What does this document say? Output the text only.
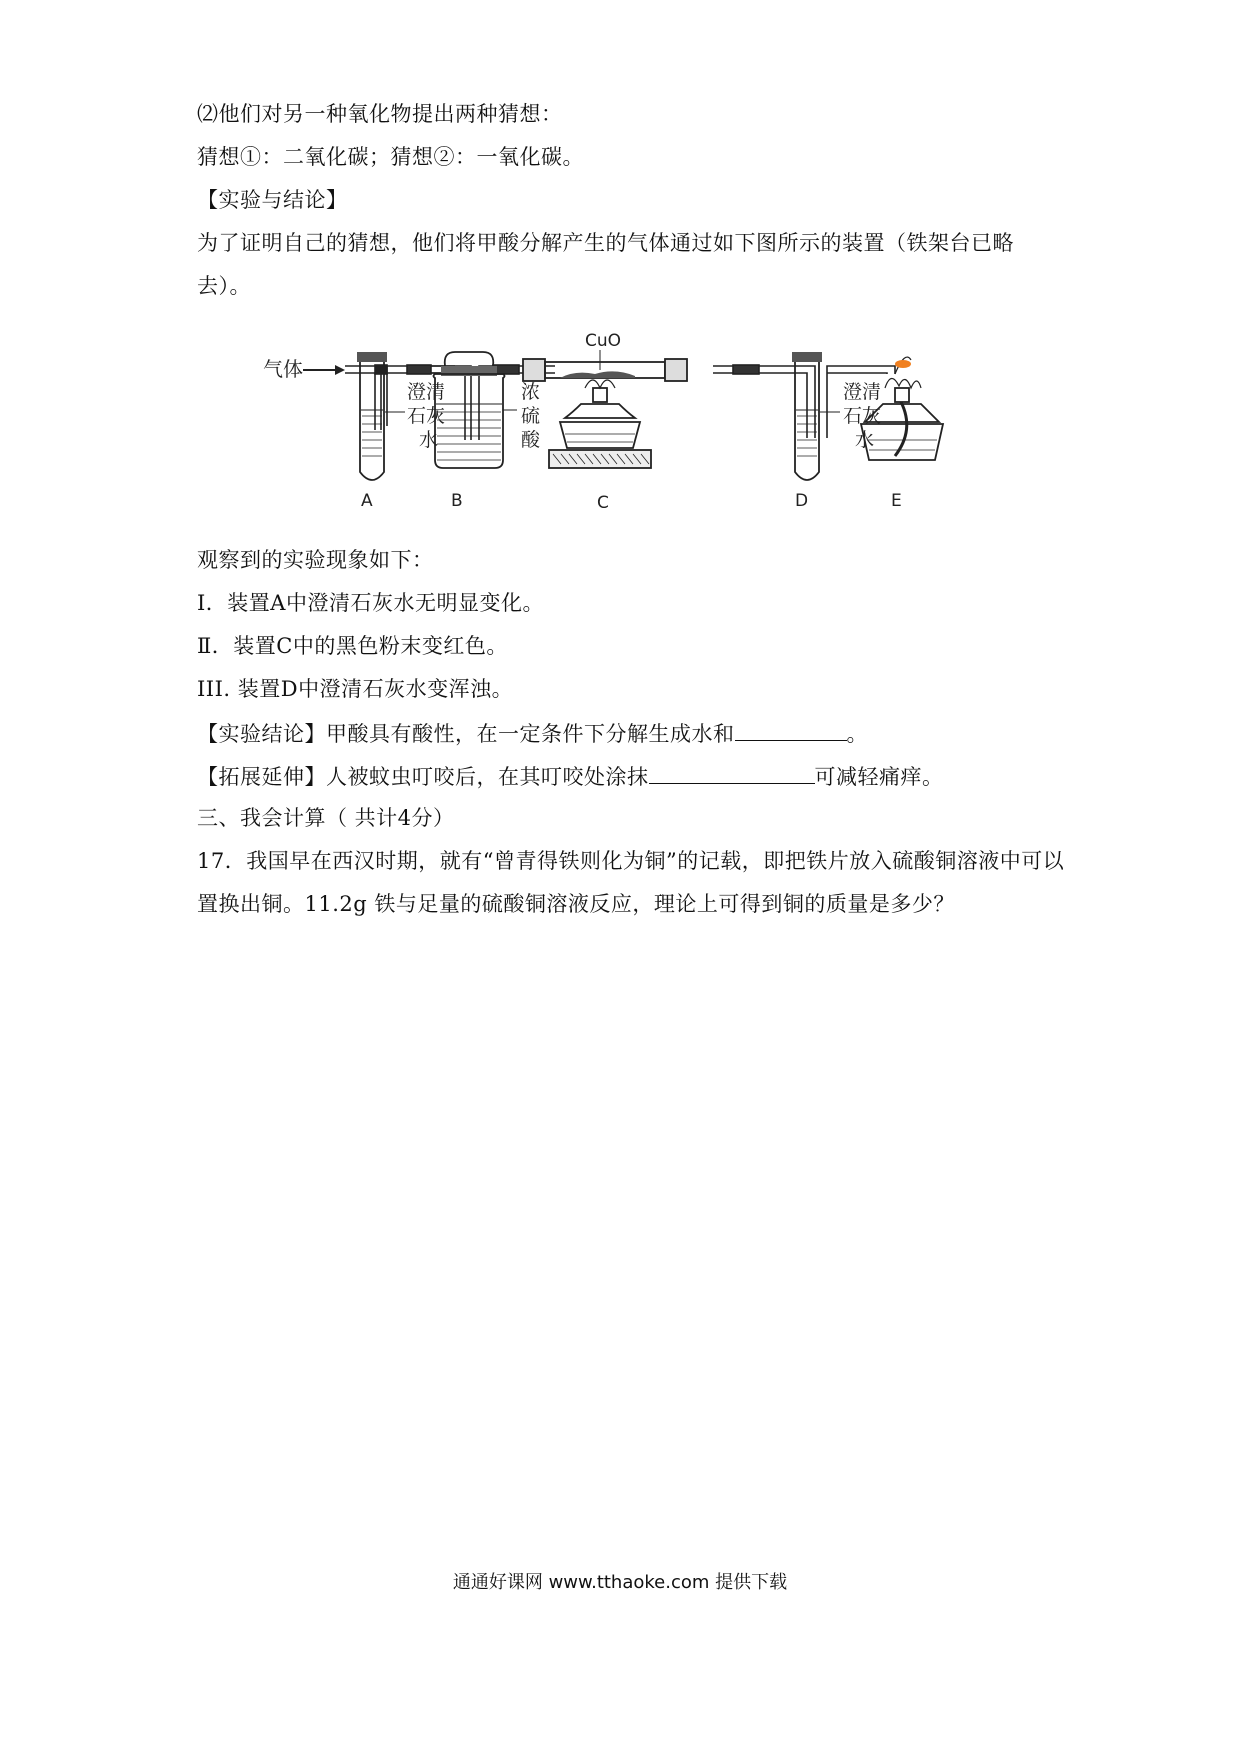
⑵他们对另一种氧化物提出两种猜想：
猜想①：二氧化碳；猜想②：一氧化碳。
【实验与结论】
为了证明自己的猜想，他们将甲酸分解产生的气体通过如下图所示的装置（铁架台已略
去）。
气体
澄清
石灰
水
A
浓
硫
酸
B
CuO
C
澄清
石灰
水
D	E
观察到的实验现象如下：
Ⅰ．装置A中澄清石灰水无明显变化。
Ⅱ．装置C中的黑色粉末变红色。
III. 装置D中澄清石灰水变浑浊。
【实验结论】甲酸具有酸性，在一定条件下分解生成水和	。
【拓展延伸】人被蚊虫叮咬后，在其叮咬处涂抹	可减轻痛痒。
三、我会计算（ 共计4分）
17．我国早在西汉时期，就有“曾青得铁则化为铜”的记载，即把铁片放入硫酸铜溶液中可以
置换出铜。11.2g 铁与足量的硫酸铜溶液反应，理论上可得到铜的质量是多少？
通通好课网 www.tthaoke.com 提供下载
